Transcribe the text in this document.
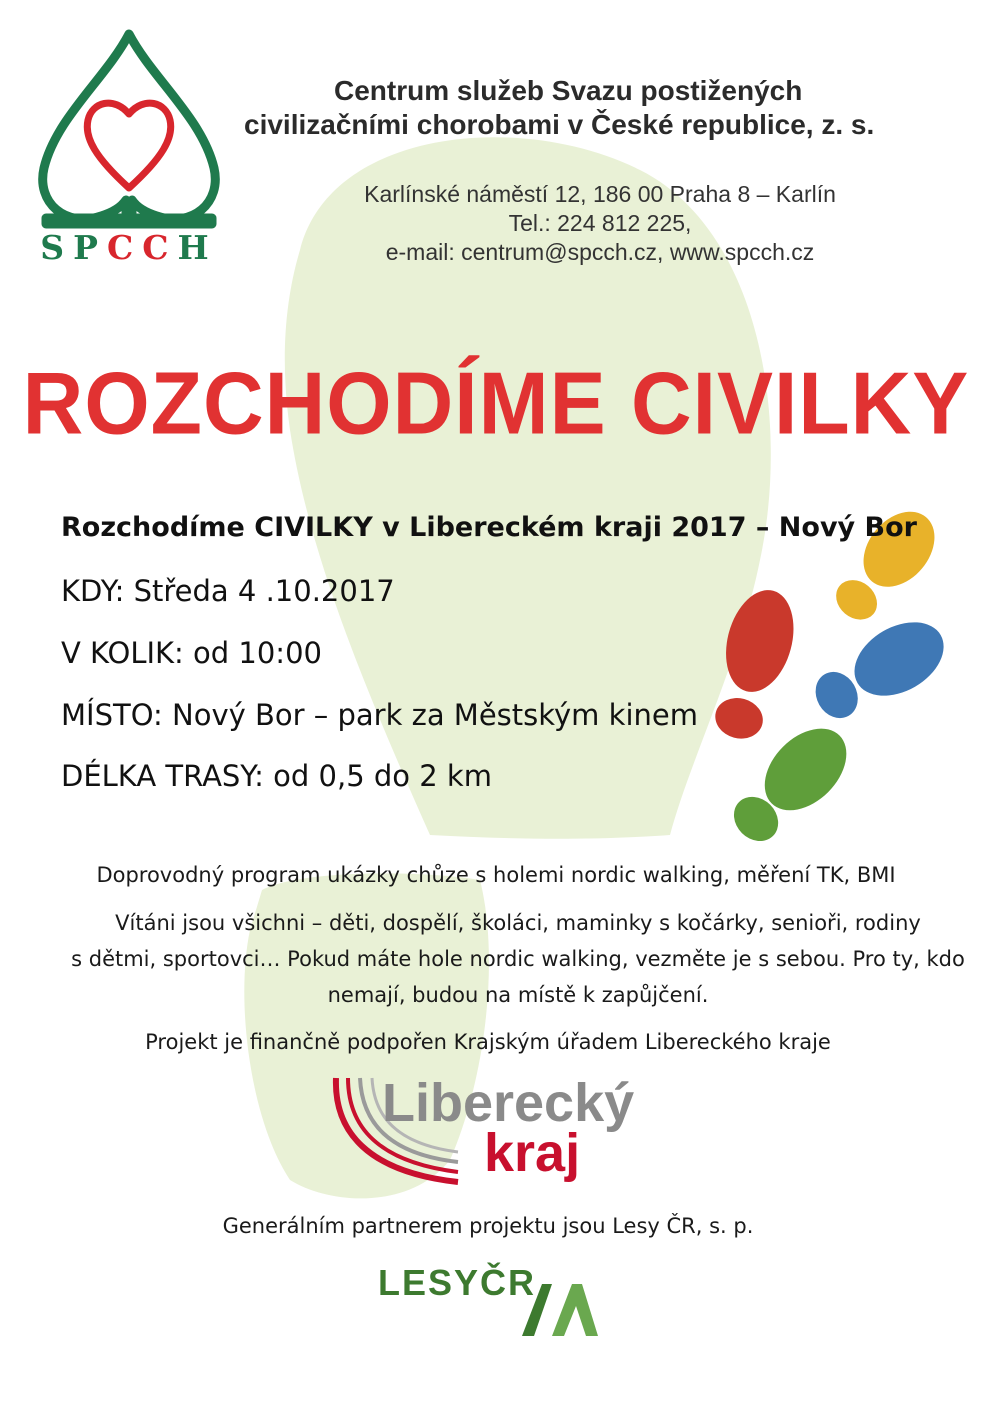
SPCCH
Centrum služeb Svazu postižených
civilizačními chorobami v České republice, z. s.
Karlínské náměstí 12, 186 00 Praha 8 – Karlín
Tel.: 224 812 225,
e-mail: centrum@spcch.cz, www.spcch.cz
ROZCHODÍME CIVILKY
Rozchodíme CIVILKY v Libereckém kraji 2017 – Nový Bor
KDY: Středa 4 .10.2017
V KOLIK: od 10:00
MÍSTO: Nový Bor – park za Městským kinem
DÉLKA TRASY: od 0,5 do 2 km
Doprovodný program ukázky chůze s holemi nordic walking, měření TK, BMI
Vítáni jsou všichni – děti, dospělí, školáci, maminky s kočárky, senioři, rodiny
s dětmi, sportovci… Pokud máte hole nordic walking, vezměte je s sebou. Pro ty, kdo
nemají, budou na místě k zapůjčení.
Projekt je finančně podpořen Krajským úřadem Libereckého kraje
Liberecký
kraj
Generálním partnerem projektu jsou Lesy ČR, s. p.
LESYČR
